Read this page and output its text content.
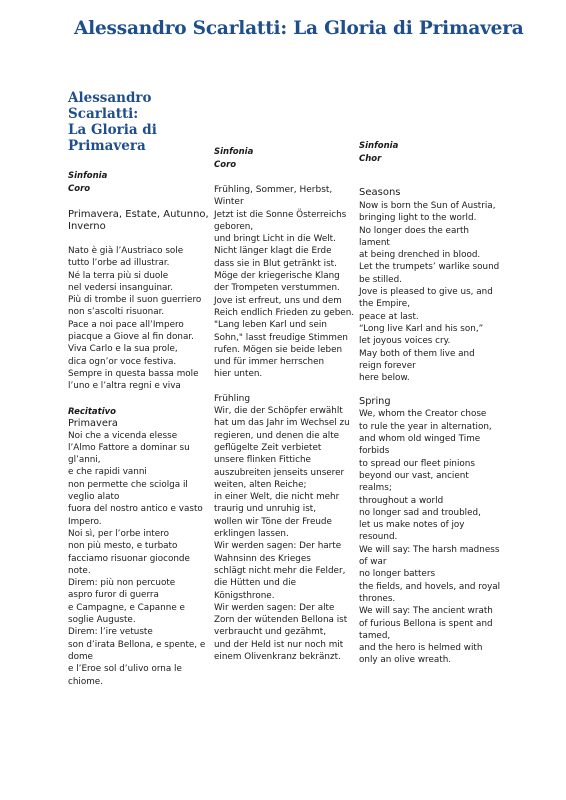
Alessandro Scarlatti: La Gloria di Primavera
Alessandro Scarlatti:
La Gloria di
Primavera
Sinfonia
Coro
Primavera, Estate, Autunno, Inverno
Nato è già l’Austriaco sole
tutto l’orbe ad illustrar.
Né la terra più si duole
nel vedersi insanguinar.
Più di trombe il suon guerriero
non s’ascolti risuonar.
Pace a noi pace all’Impero
piacque a Giove al fin donar.
Viva Carlo e la sua prole,
dica ogn’or voce festiva.
Sempre in questa bassa mole
l’uno e l’altra regni e viva
Recitativo
Primavera
Noi che a vicenda elesse
l’Almo Fattore a dominar su gl’anni,
e che rapidi vanni
non permette che sciolga il veglio alato
fuora del nostro antico e vasto Impero.
Noi sì, per l’orbe intero
non più mesto, e turbato
facciamo risuonar gioconde note.
Direm: più non percuote
aspro furor di guerra
e Campagne, e Capanne e soglie Auguste.
Direm: l’ire vetuste
son d’irata Bellona, e spente, e dome
e l’Eroe sol d’ulivo orna le chiome.
Sinfonia
Coro
Frühling, Sommer, Herbst, Winter
Jetzt ist die Sonne Österreichs geboren,
und bringt Licht in die Welt.
Nicht länger klagt die Erde
dass sie in Blut getränkt ist.
Möge der kriegerische Klang
der Trompeten verstummen.
Jove ist erfreut, uns und dem
Reich endlich Frieden zu geben.
"Lang leben Karl und sein Sohn," lasst freudige Stimmen
rufen. Mögen sie beide leben
und für immer herrschen
hier unten.
Frühling
Wir, die der Schöpfer erwählt
hat um das Jahr im Wechsel zu
regieren, und denen die alte
geflügelte Zeit verbietet
unsere flinken Fittiche
auszubreiten jenseits unserer
weiten, alten Reiche;
in einer Welt, die nicht mehr
traurig und unruhig ist,
wollen wir Töne der Freude
erklingen lassen.
Wir werden sagen: Der harte
Wahnsinn des Krieges
schlägt nicht mehr die Felder,
die Hütten und die
Königsthrone.
Wir werden sagen: Der alte
Zorn der wütenden Bellona ist
verbraucht und gezähmt,
und der Held ist nur noch mit
einem Olivenkranz bekränzt.
Sinfonia
Chor
Seasons
Now is born the Sun of Austria,
bringing light to the world.
No longer does the earth lament
at being drenched in blood.
Let the trumpets’ warlike sound
be stilled.
Jove is pleased to give us, and
the Empire,
peace at last.
“Long live Karl and his son,”
let joyous voices cry.
May both of them live and
reign forever
here below.
Spring
We, whom the Creator chose
to rule the year in alternation,
and whom old winged Time forbids
to spread our fleet pinions
beyond our vast, ancient realms;
throughout a world
no longer sad and troubled,
let us make notes of joy
resound.
We will say: The harsh madness of war
no longer batters
the fields, and hovels, and royal thrones.
We will say: The ancient wrath
of furious Bellona is spent and tamed,
and the hero is helmed with
only an olive wreath.
